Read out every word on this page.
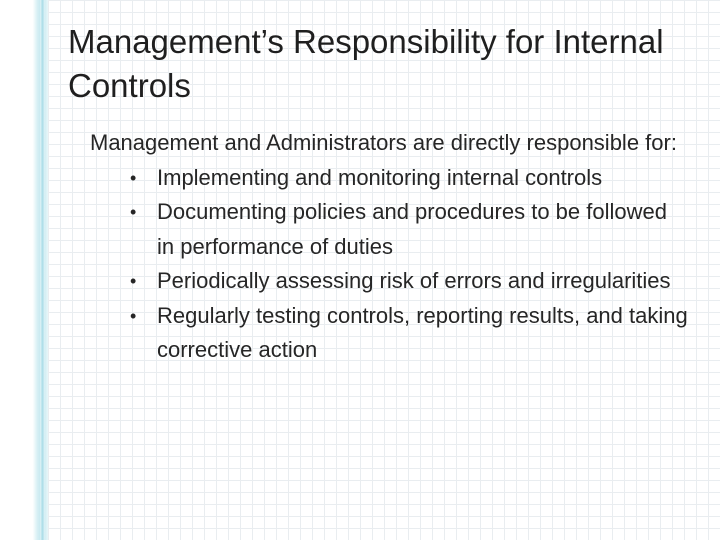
Management’s Responsibility for Internal Controls

Management and Administrators are directly responsible for:

• Implementing and monitoring internal controls
• Documenting policies and procedures to be followed in performance of duties
• Periodically assessing risk of errors and irregularities
• Regularly testing controls, reporting results, and taking corrective action
